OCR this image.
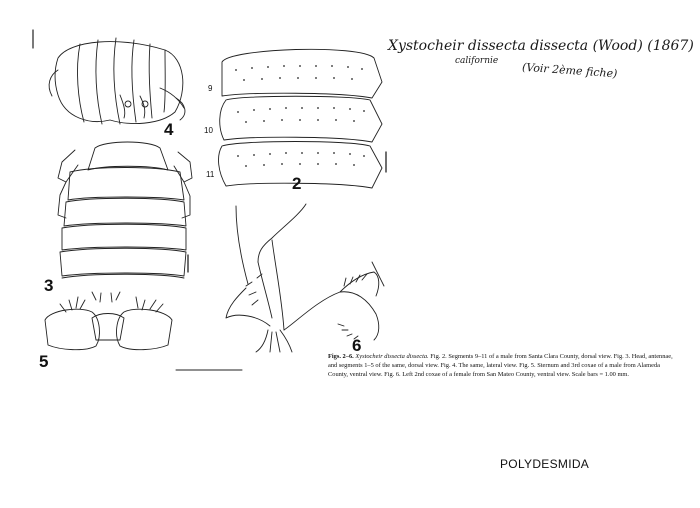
Xystocheir dissecta dissecta (Wood) (1867)
californie (Voir 2ème fiche)
4
2
3
5
6
9
10
11
Figs. 2–6. Xystocheir dissecta dissecta. Fig. 2. Segments 9–11 of a male from Santa Clara County, dorsal view. Fig. 3. Head, antennae, and segments 1–5 of the same, dorsal view. Fig. 4. The same, lateral view. Fig. 5. Sternum and 3rd coxae of a male from Alameda County, ventral view. Fig. 6. Left 2nd coxae of a female from San Mateo County, ventral view. Scale bars = 1.00 mm.
POLYDESMIDA
